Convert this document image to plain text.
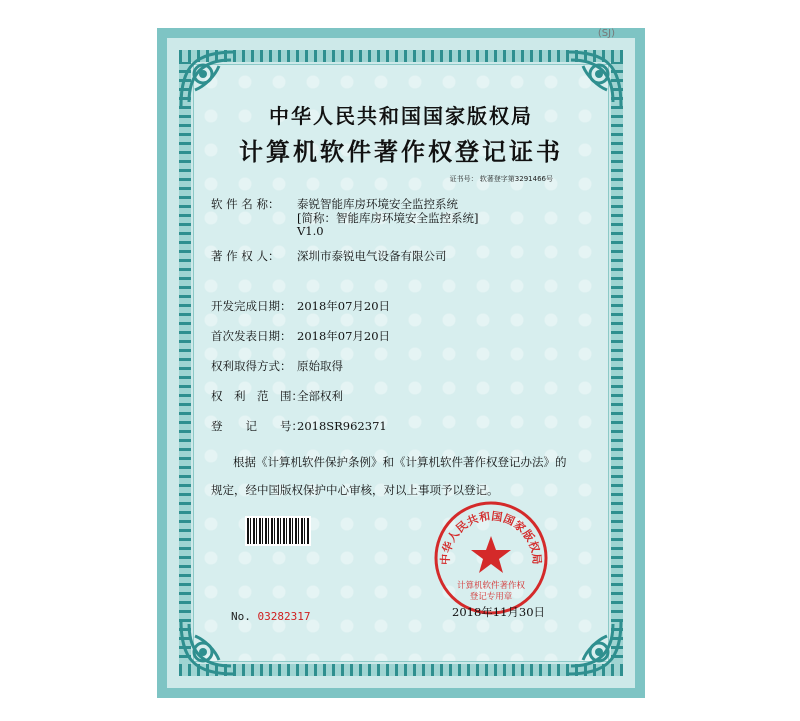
(SJ)
中华人民共和国国家版权局
计算机软件著作权登记证书
证书号： 软著登字第3291466号
软 件 名 称： 泰锐智能库房环境安全监控系统
[简称：智能库房环境安全监控系统]
V1.0
著 作 权 人： 深圳市泰锐电气设备有限公司
开发完成日期： 2018年07月20日
首次发表日期： 2018年07月20日
权利取得方式： 原始取得
权　利　范　围：全部权利
登　　记　　号：2018SR962371
根据《计算机软件保护条例》和《计算机软件著作权登记办法》的
规定，经中国版权保护中心审核，对以上事项予以登记。
中华人民共和国国家版权局
计算机软件著作权
登记专用章
No. 03282317	2018年11月30日
